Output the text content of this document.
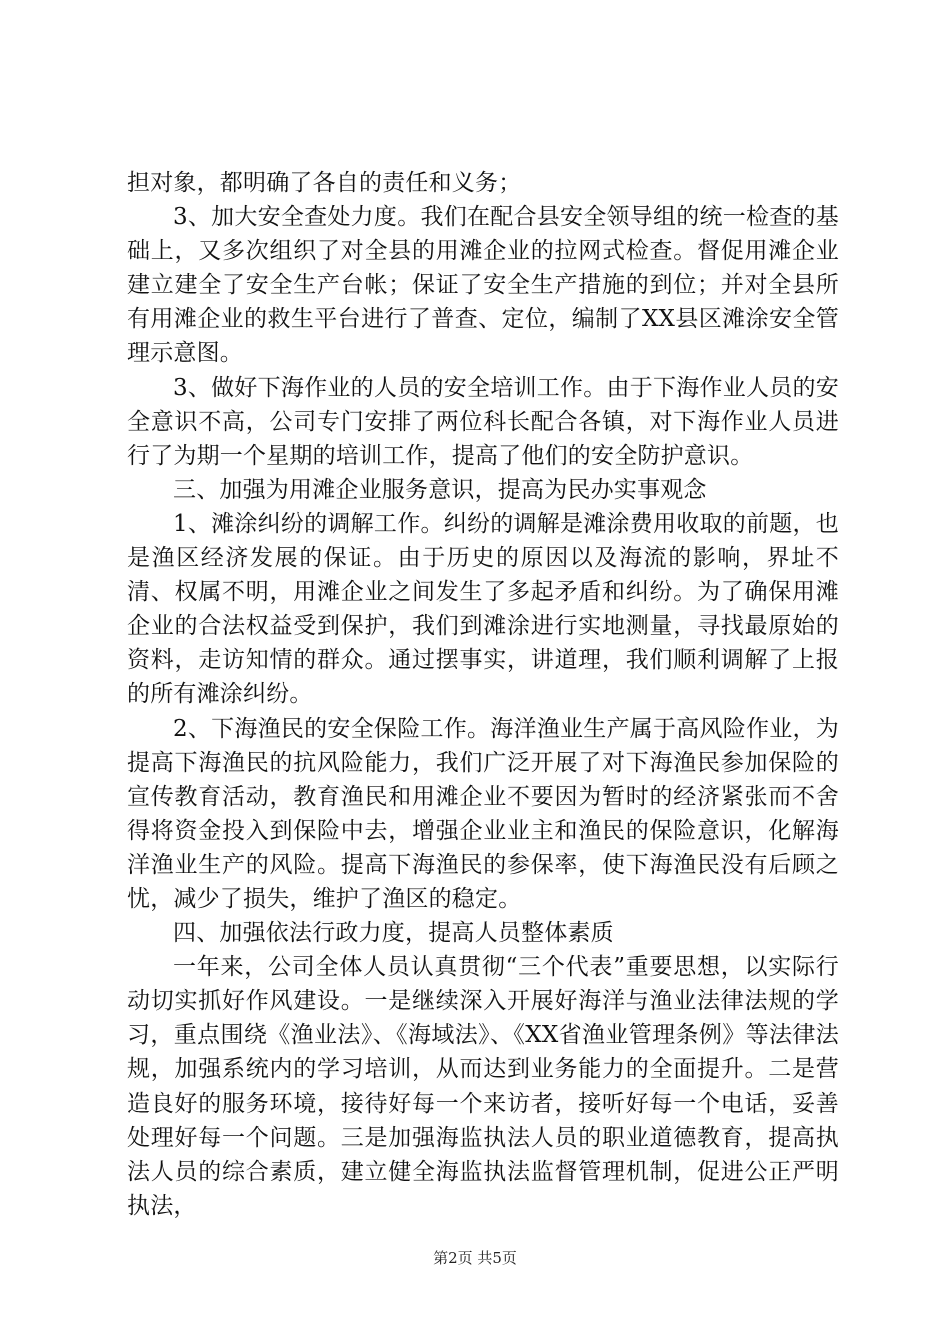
担对象，都明确了各自的责任和义务；

3、加大安全查处力度。我们在配合县安全领导组的统一检查的基础上，又多次组织了对全县的用滩企业的拉网式检查。督促用滩企业建立建全了安全生产台帐；保证了安全生产措施的到位；并对全县所有用滩企业的救生平台进行了普查、定位，编制了XX县区滩涂安全管理示意图。

3、做好下海作业的人员的安全培训工作。由于下海作业人员的安全意识不高，公司专门安排了两位科长配合各镇，对下海作业人员进行了为期一个星期的培训工作，提高了他们的安全防护意识。

三、加强为用滩企业服务意识，提高为民办实事观念

1、滩涂纠纷的调解工作。纠纷的调解是滩涂费用收取的前题，也是渔区经济发展的保证。由于历史的原因以及海流的影响，界址不清、权属不明，用滩企业之间发生了多起矛盾和纠纷。为了确保用滩企业的合法权益受到保护，我们到滩涂进行实地测量，寻找最原始的资料，走访知情的群众。通过摆事实，讲道理，我们顺利调解了上报的所有滩涂纠纷。

2、下海渔民的安全保险工作。海洋渔业生产属于高风险作业，为提高下海渔民的抗风险能力，我们广泛开展了对下海渔民参加保险的宣传教育活动，教育渔民和用滩企业不要因为暂时的经济紧张而不舍得将资金投入到保险中去，增强企业业主和渔民的保险意识，化解海洋渔业生产的风险。提高下海渔民的参保率，使下海渔民没有后顾之忧，减少了损失，维护了渔区的稳定。

四、加强依法行政力度，提高人员整体素质

一年来，公司全体人员认真贯彻“三个代表”重要思想，以实际行动切实抓好作风建设。一是继续深入开展好海洋与渔业法律法规的学习，重点围绕《渔业法》、《海域法》、《XX省渔业管理条例》等法律法规，加强系统内的学习培训，从而达到业务能力的全面提升。二是营造良好的服务环境，接待好每一个来访者，接听好每一个电话，妥善处理好每一个问题。三是加强海监执法人员的职业道德教育，提高执法人员的综合素质，建立健全海监执法监督管理机制，促进公正严明执法，

第2页 共5页
